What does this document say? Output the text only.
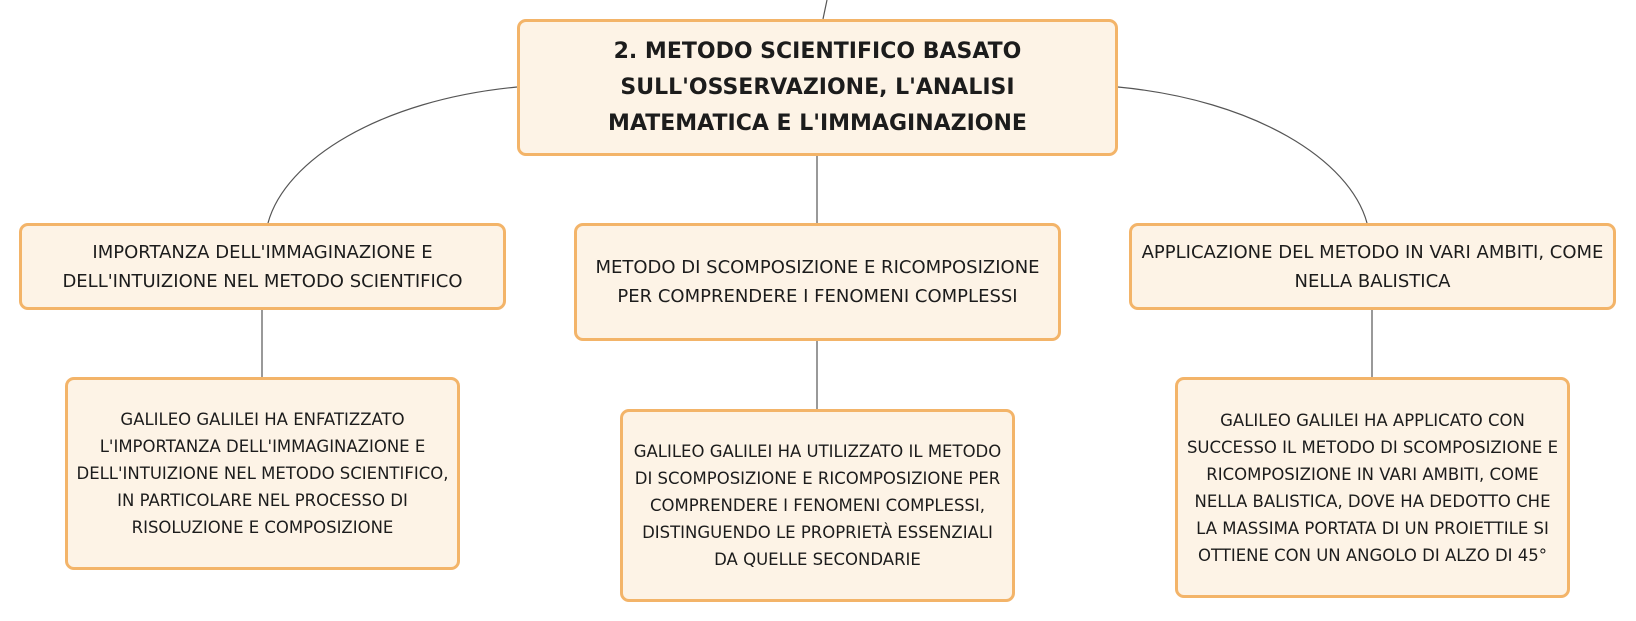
2. METODO SCIENTIFICO BASATO SULL'OSSERVAZIONE, L'ANALISI MATEMATICA E L'IMMAGINAZIONE
IMPORTANZA DELL'IMMAGINAZIONE E DELL'INTUIZIONE NEL METODO SCIENTIFICO
METODO DI SCOMPOSIZIONE E RICOMPOSIZIONE PER COMPRENDERE I FENOMENI COMPLESSI
APPLICAZIONE DEL METODO IN VARI AMBITI, COME NELLA BALISTICA
GALILEO GALILEI HA ENFATIZZATO L'IMPORTANZA DELL'IMMAGINAZIONE E DELL'INTUIZIONE NEL METODO SCIENTIFICO, IN PARTICOLARE NEL PROCESSO DI RISOLUZIONE E COMPOSIZIONE
GALILEO GALILEI HA UTILIZZATO IL METODO DI SCOMPOSIZIONE E RICOMPOSIZIONE PER COMPRENDERE I FENOMENI COMPLESSI, DISTINGUENDO LE PROPRIETÀ ESSENZIALI DA QUELLE SECONDARIE
GALILEO GALILEI HA APPLICATO CON SUCCESSO IL METODO DI SCOMPOSIZIONE E RICOMPOSIZIONE IN VARI AMBITI, COME NELLA BALISTICA, DOVE HA DEDOTTO CHE LA MASSIMA PORTATA DI UN PROIETTILE SI OTTIENE CON UN ANGOLO DI ALZO DI 45°
